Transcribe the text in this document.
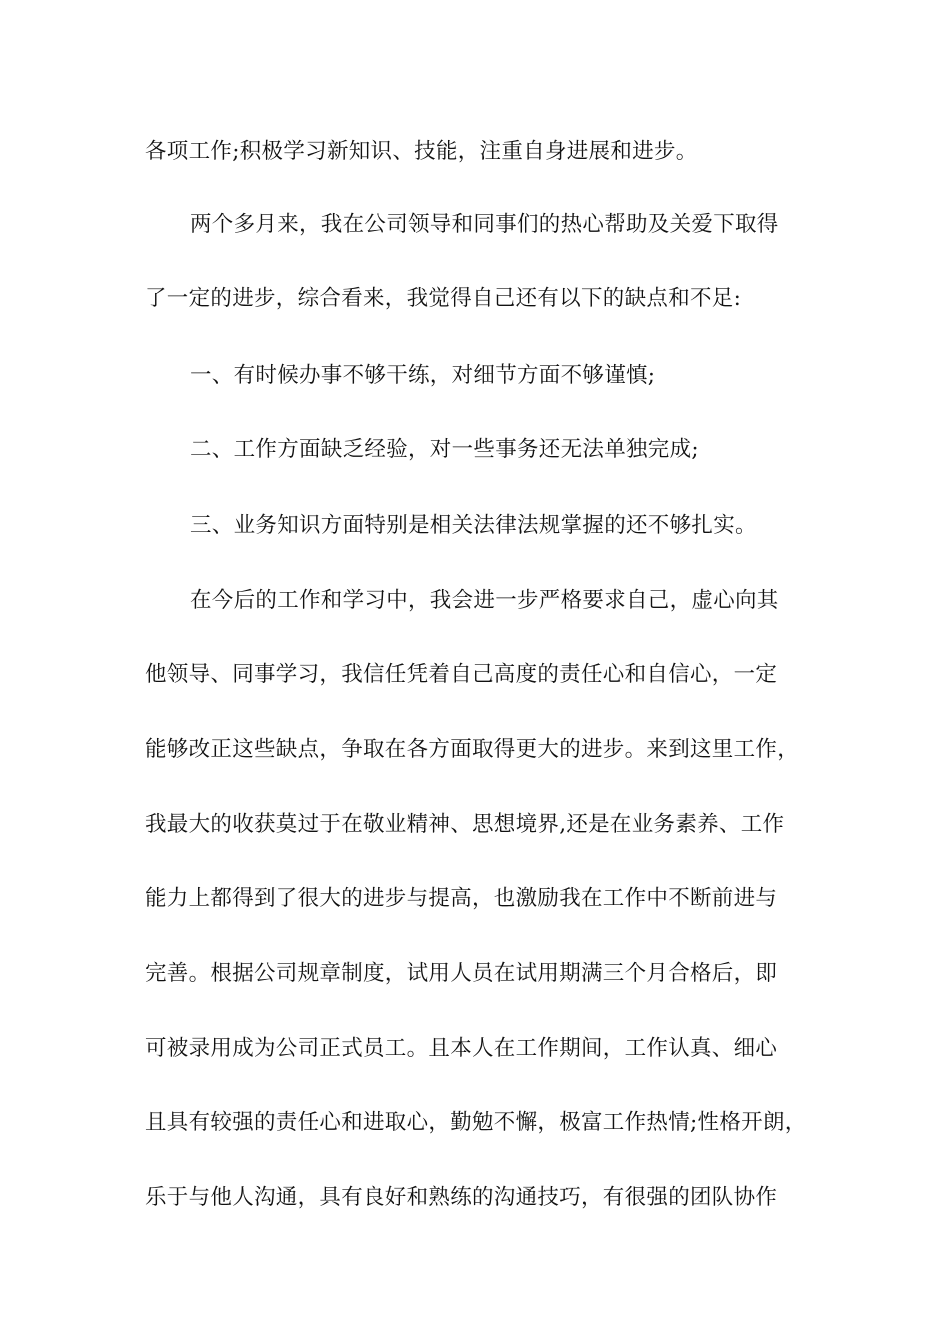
各项工作;积极学习新知识、技能，注重自身进展和进步。
两个多月来，我在公司领导和同事们的热心帮助及关爱下取得
了一定的进步，综合看来，我觉得自己还有以下的缺点和不足:
一、有时候办事不够干练，对细节方面不够谨慎;
二、工作方面缺乏经验，对一些事务还无法单独完成;
三、业务知识方面特别是相关法律法规掌握的还不够扎实。
在今后的工作和学习中，我会进一步严格要求自己，虚心向其
他领导、同事学习，我信任凭着自己高度的责任心和自信心，一定
能够改正这些缺点，争取在各方面取得更大的进步。来到这里工作，
我最大的收获莫过于在敬业精神、思想境界,还是在业务素养、工作
能力上都得到了很大的进步与提高，也激励我在工作中不断前进与
完善。根据公司规章制度，试用人员在试用期满三个月合格后，即
可被录用成为公司正式员工。且本人在工作期间，工作认真、细心
且具有较强的责任心和进取心，勤勉不懈，极富工作热情;性格开朗，
乐于与他人沟通，具有良好和熟练的沟通技巧，有很强的团队协作
